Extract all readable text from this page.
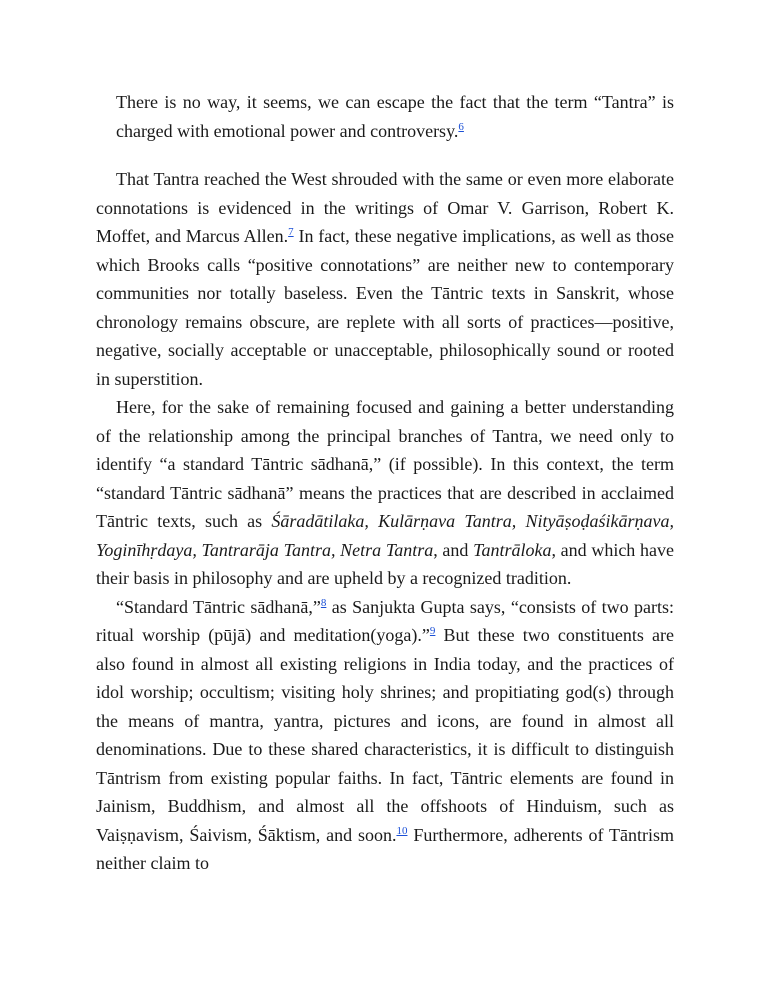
There is no way, it seems, we can escape the fact that the term “Tantra” is charged with emotional power and controversy.$^6$

That Tantra reached the West shrouded with the same or even more elaborate connotations is evidenced in the writings of Omar V. Garrison, Robert K. Moffet, and Marcus Allen.$^7$ In fact, these negative implications, as well as those which Brooks calls “positive connotations” are neither new to contemporary communities nor totally baseless. Even the Tāntric texts in Sanskrit, whose chronology remains obscure, are replete with all sorts of practices—positive, negative, socially acceptable or unacceptable, philosophically sound or rooted in superstition.

Here, for the sake of remaining focused and gaining a better understanding of the relationship among the principal branches of Tantra, we need only to identify “a standard Tāntric sādhanā,” (if possible). In this context, the term “standard Tāntric sādhanā” means the practices that are described in acclaimed Tāntric texts, such as Śāradātilaka, Kulārṇava Tantra, Nityāṣoḍaśikārṇava, Yoginīhṛdaya, Tantrarāja Tantra, Netra Tantra, and Tantrāloka, and which have their basis in philosophy and are upheld by a recognized tradition.

“Standard Tāntric sādhanā,”$^8$ as Sanjukta Gupta says, “consists of two parts: ritual worship (pūjā) and meditation(yoga).”$^9$ But these two constituents are also found in almost all existing religions in India today, and the practices of idol worship; occultism; visiting holy shrines; and propitiating god(s) through the means of mantra, yantra, pictures and icons, are found in almost all denominations. Due to these shared characteristics, it is difficult to distinguish Tāntrism from existing popular faiths. In fact, Tāntric elements are found in Jainism, Buddhism, and almost all the offshoots of Hinduism, such as Vaiṣṇavism, Śaivism, Śāktism, and soon.$^{10}$ Furthermore, adherents of Tāntrism neither claim to
